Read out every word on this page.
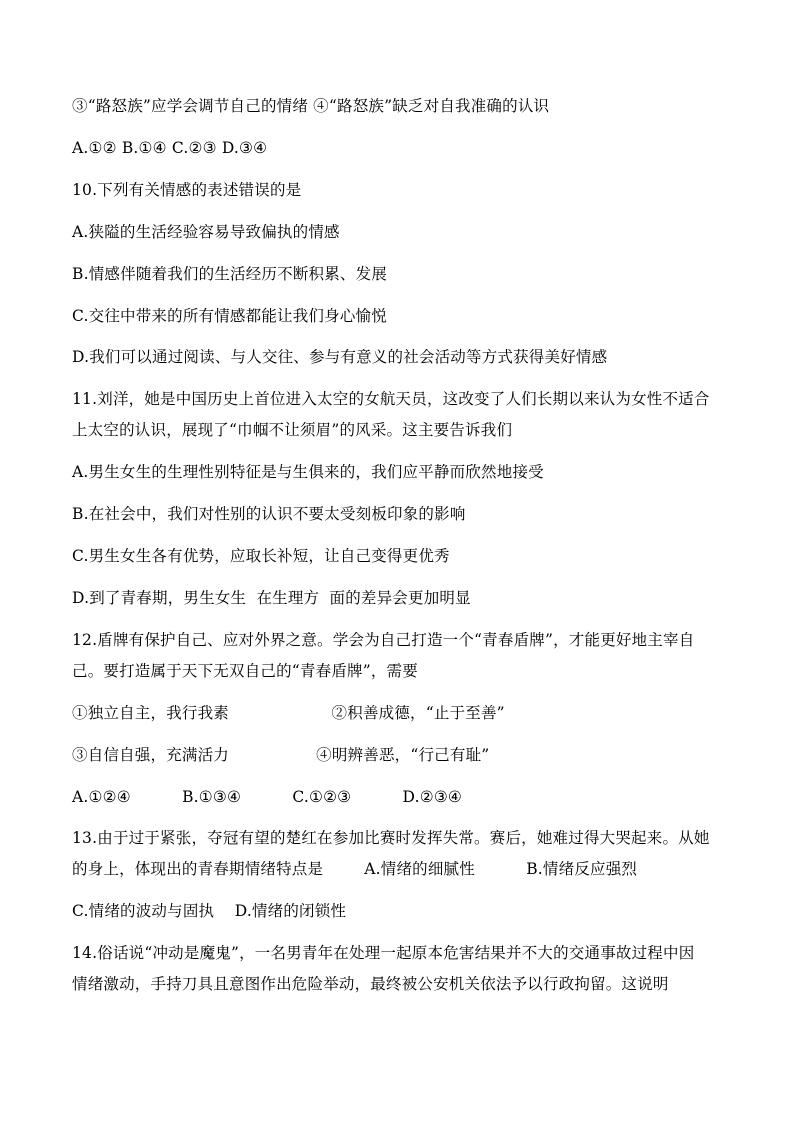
③“路怒族”应学会调节自己的情绪 ④“路怒族”缺乏对自我准确的认识
A.①② B.①④ C.②③ D.③④
10.下列有关情感的表述错误的是
A.狭隘的生活经验容易导致偏执的情感
B.情感伴随着我们的生活经历不断积累、发展
C.交往中带来的所有情感都能让我们身心愉悦
D.我们可以通过阅读、与人交往、参与有意义的社会活动等方式获得美好情感
11.刘洋，她是中国历史上首位进入太空的女航天员，这改变了人们长期以来认为女性不适合
上太空的认识，展现了“巾帼不让须眉”的风采。这主要告诉我们
A.男生女生的生理性别特征是与生俱来的，我们应平静而欣然地接受
B.在社会中，我们对性别的认识不要太受刻板印象的影响
C.男生女生各有优势，应取长补短，让自己变得更优秀
D.到了青春期，男生女生  在生理方  面的差异会更加明显
12.盾牌有保护自己、应对外界之意。学会为自己打造一个“青春盾牌”，才能更好地主宰自
己。要打造属于天下无双自己的“青春盾牌”，需要
①独立自主，我行我素                    ②积善成德，“止于至善”
③自信自强，充满活力                 ④明辨善恶，“行己有耻”
A.①②④          B.①③④          C.①②③          D.②③④
13.由于过于紧张，夺冠有望的楚红在参加比赛时发挥失常。赛后，她难过得大哭起来。从她
的身上，体现出的青春期情绪特点是        A.情绪的细腻性          B.情绪反应强烈
C.情绪的波动与固执    D.情绪的闭锁性
14.俗话说“冲动是魔鬼”，一名男青年在处理一起原本危害结果并不大的交通事故过程中因
情绪激动，手持刀具且意图作出危险举动，最终被公安机关依法予以行政拘留。这说明
